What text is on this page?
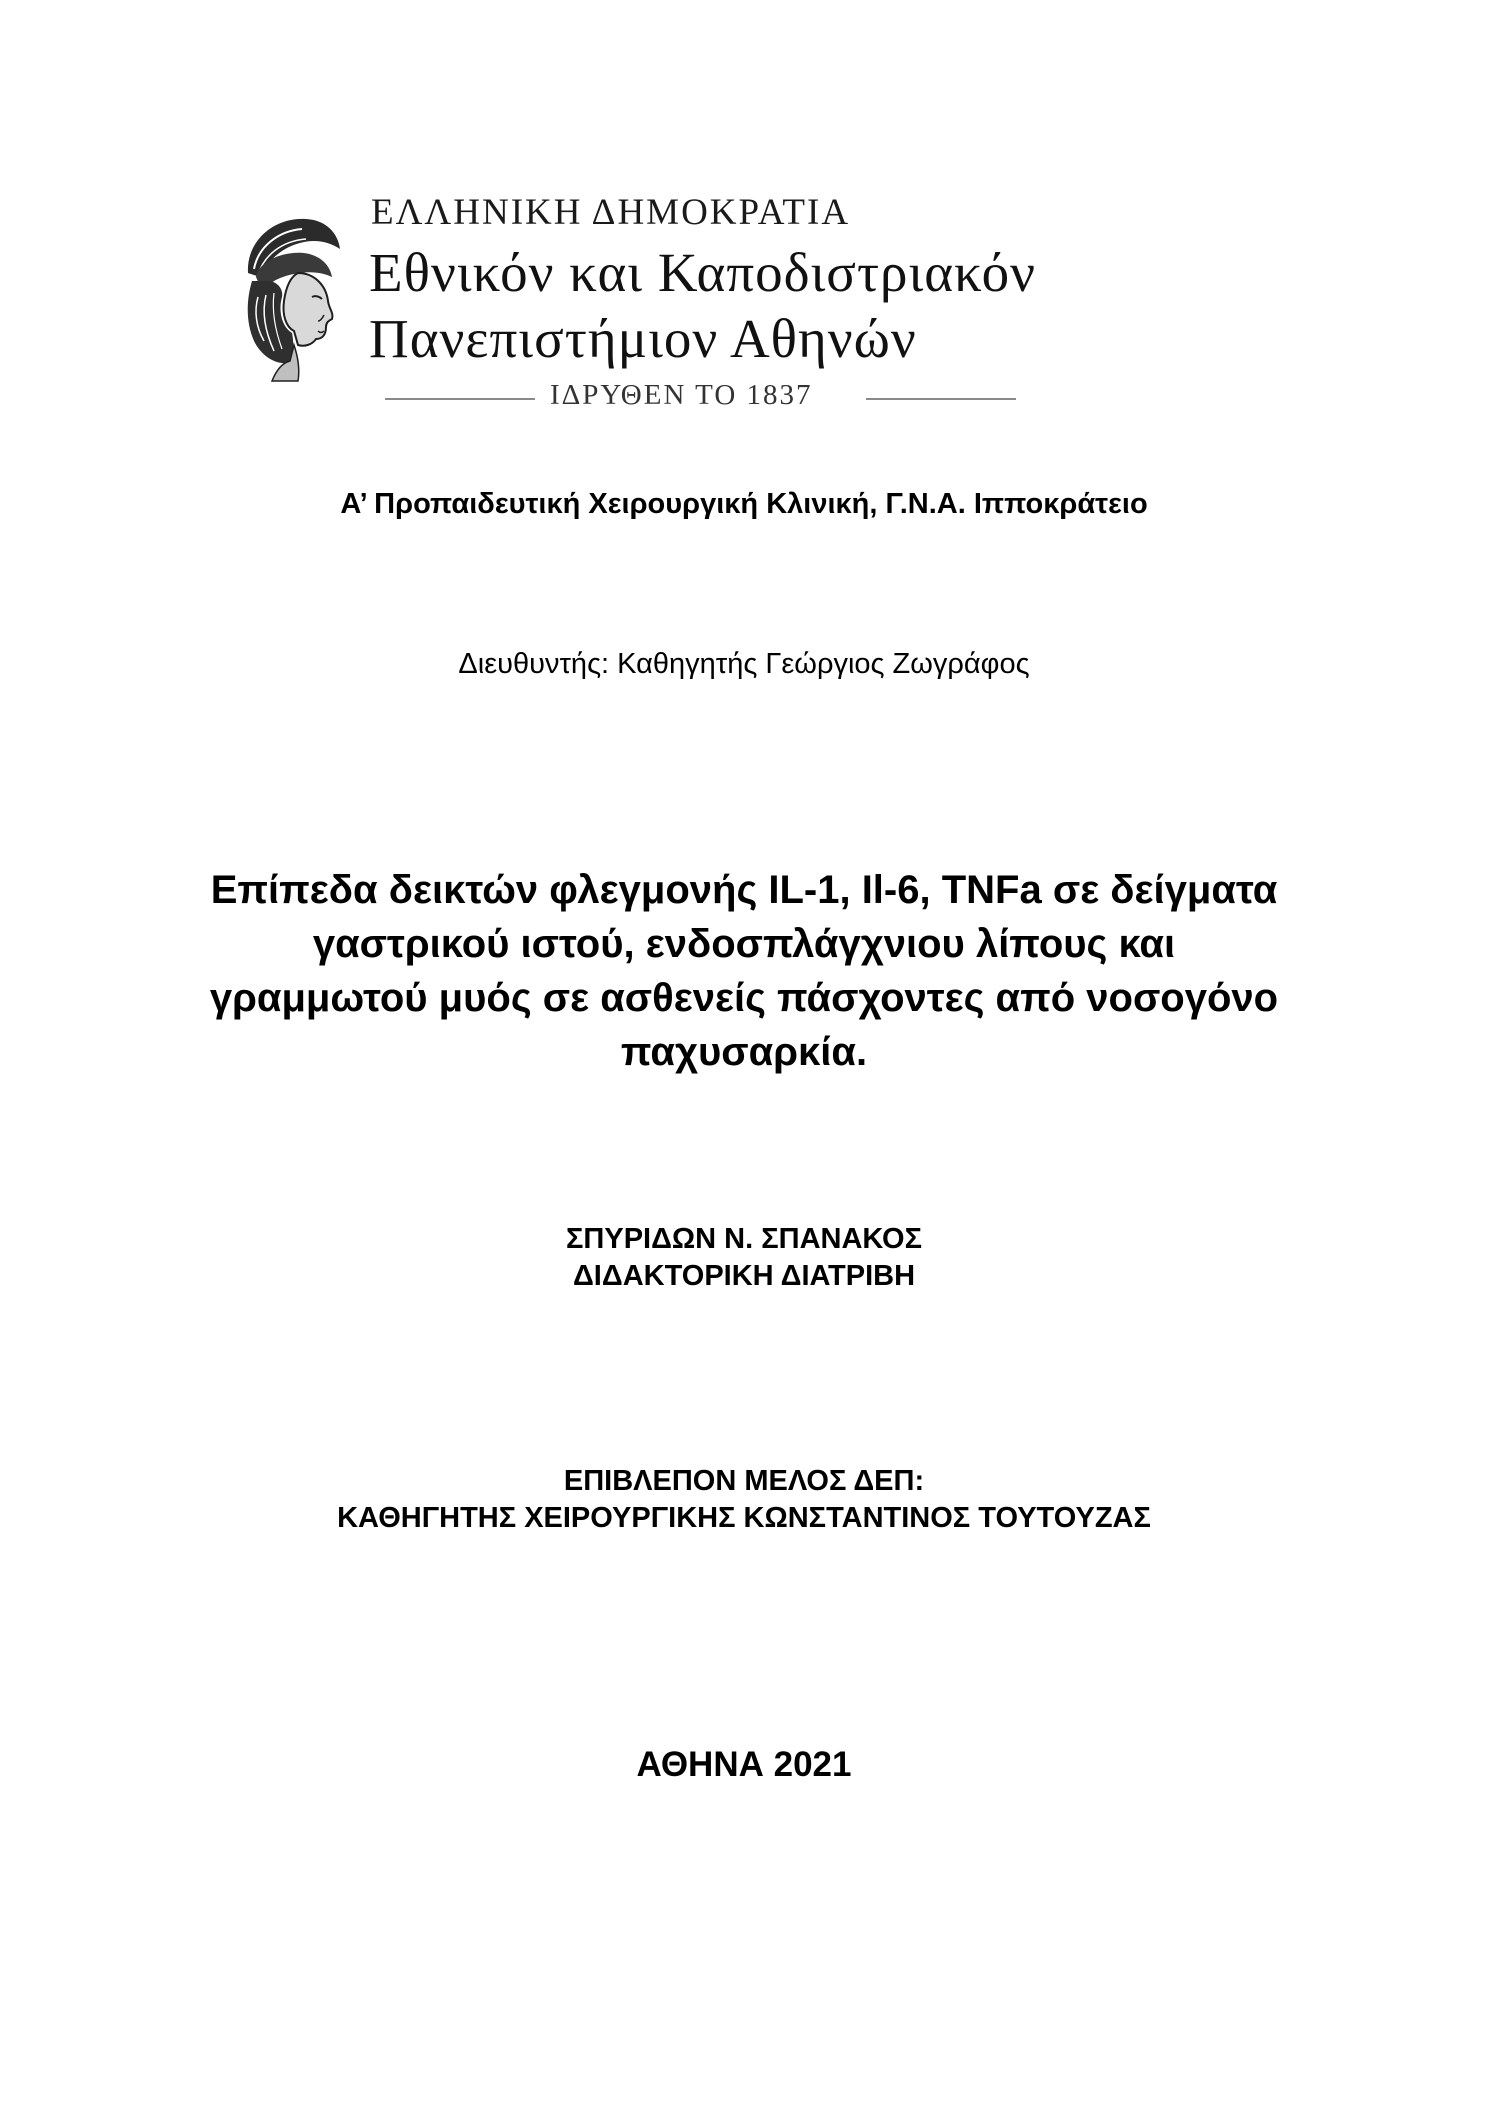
ΕΛΛΗΝΙΚΗ ΔΗΜΟΚΡΑΤΙΑ
Εθνικόν και Καποδιστριακόν
Πανεπιστήμιον Αθηνών
ΙΔΡΥΘΕΝ ΤΟ 1837

Α’ Προπαιδευτική Χειρουργική Κλινική, Γ.Ν.Α. Ιπποκράτειο

Διευθυντής: Καθηγητής Γεώργιος Ζωγράφος

Επίπεδα δεικτών φλεγμονής IL-1, Il-6, TNFa σε δείγματα
γαστρικού ιστού, ενδοσπλάγχνιου λίπους και
γραμμωτού μυός σε ασθενείς πάσχοντες από νοσογόνο
παχυσαρκία.
ΣΠΥΡΙΔΩΝ Ν. ΣΠΑΝΑΚΟΣ
ΔΙΔΑΚΤΟΡΙΚΗ ΔΙΑΤΡΙΒΗ
ΕΠΙΒΛΕΠΟΝ ΜΕΛΟΣ ΔΕΠ:
ΚΑΘΗΓΗΤΗΣ ΧΕΙΡΟΥΡΓΙΚΗΣ ΚΩΝΣΤΑΝΤΙΝΟΣ ΤΟΥΤΟΥΖΑΣ

ΑΘΗΝΑ 2021
